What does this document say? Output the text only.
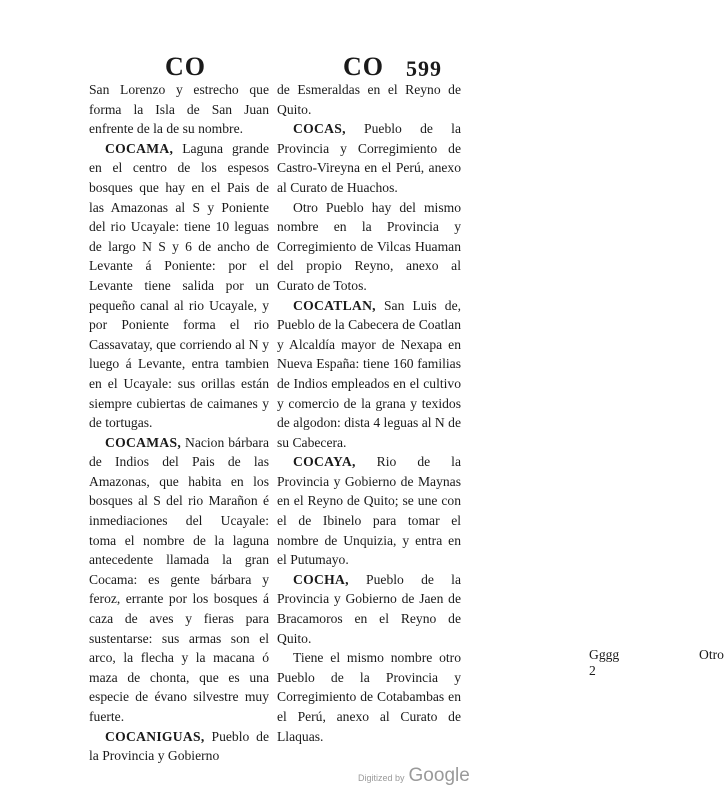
CO	CO 599

San Lorenzo y estrecho que forma la Isla de San Juan enfrente de la de su nombre.

COCAMA, Laguna grande en el centro de los espesos bosques que hay en el Pais de las Amazonas al S y Poniente del rio Ucayale: tiene 10 leguas de largo N S y 6 de ancho de Levante á Poniente: por el Levante tiene salida por un pequeño canal al rio Ucayale, y por Poniente forma el rio Cassavatay, que corriendo al N y luego á Levante, entra tambien en el Ucayale: sus orillas están siempre cubiertas de caimanes y de tortugas.

COCAMAS, Nacion bárbara de Indios del Pais de las Amazonas, que habita en los bosques al S del rio Marañon é inmediaciones del Ucayale: toma el nombre de la laguna antecedente llamada la gran Cocama: es gente bárbara y feroz, errante por los bosques á caza de aves y fieras para sustentarse: sus armas son el arco, la flecha y la macana ó maza de chonta, que es una especie de évano silvestre muy fuerte.

COCANIGUAS, Pueblo de la Provincia y Gobierno

de Esmeraldas en el Reyno de Quito.

COCAS, Pueblo de la Provincia y Corregimiento de Castro-Vireyna en el Perú, anexo al Curato de Huachos.

Otro Pueblo hay del mismo nombre en la Provincia y Corregimiento de Vilcas Huaman del propio Reyno, anexo al Curato de Totos.

COCATLAN, San Luis de, Pueblo de la Cabecera de Coatlan y Alcaldía mayor de Nexapa en Nueva España: tiene 160 familias de Indios empleados en el cultivo y comercio de la grana y texidos de algodon: dista 4 leguas al N de su Cabecera.

COCAYA, Rio de la Provincia y Gobierno de Maynas en el Reyno de Quito; se une con el de Ibinelo para tomar el nombre de Unquizia, y entra en el Putumayo.

COCHA, Pueblo de la Provincia y Gobierno de Jaen de Bracamoros en el Reyno de Quito.

Tiene el mismo nombre otro Pueblo de la Provincia y Corregimiento de Cotabambas en el Perú, anexo al Curato de Llaquas.

Gggg 2
Otro
Digitized by Google
